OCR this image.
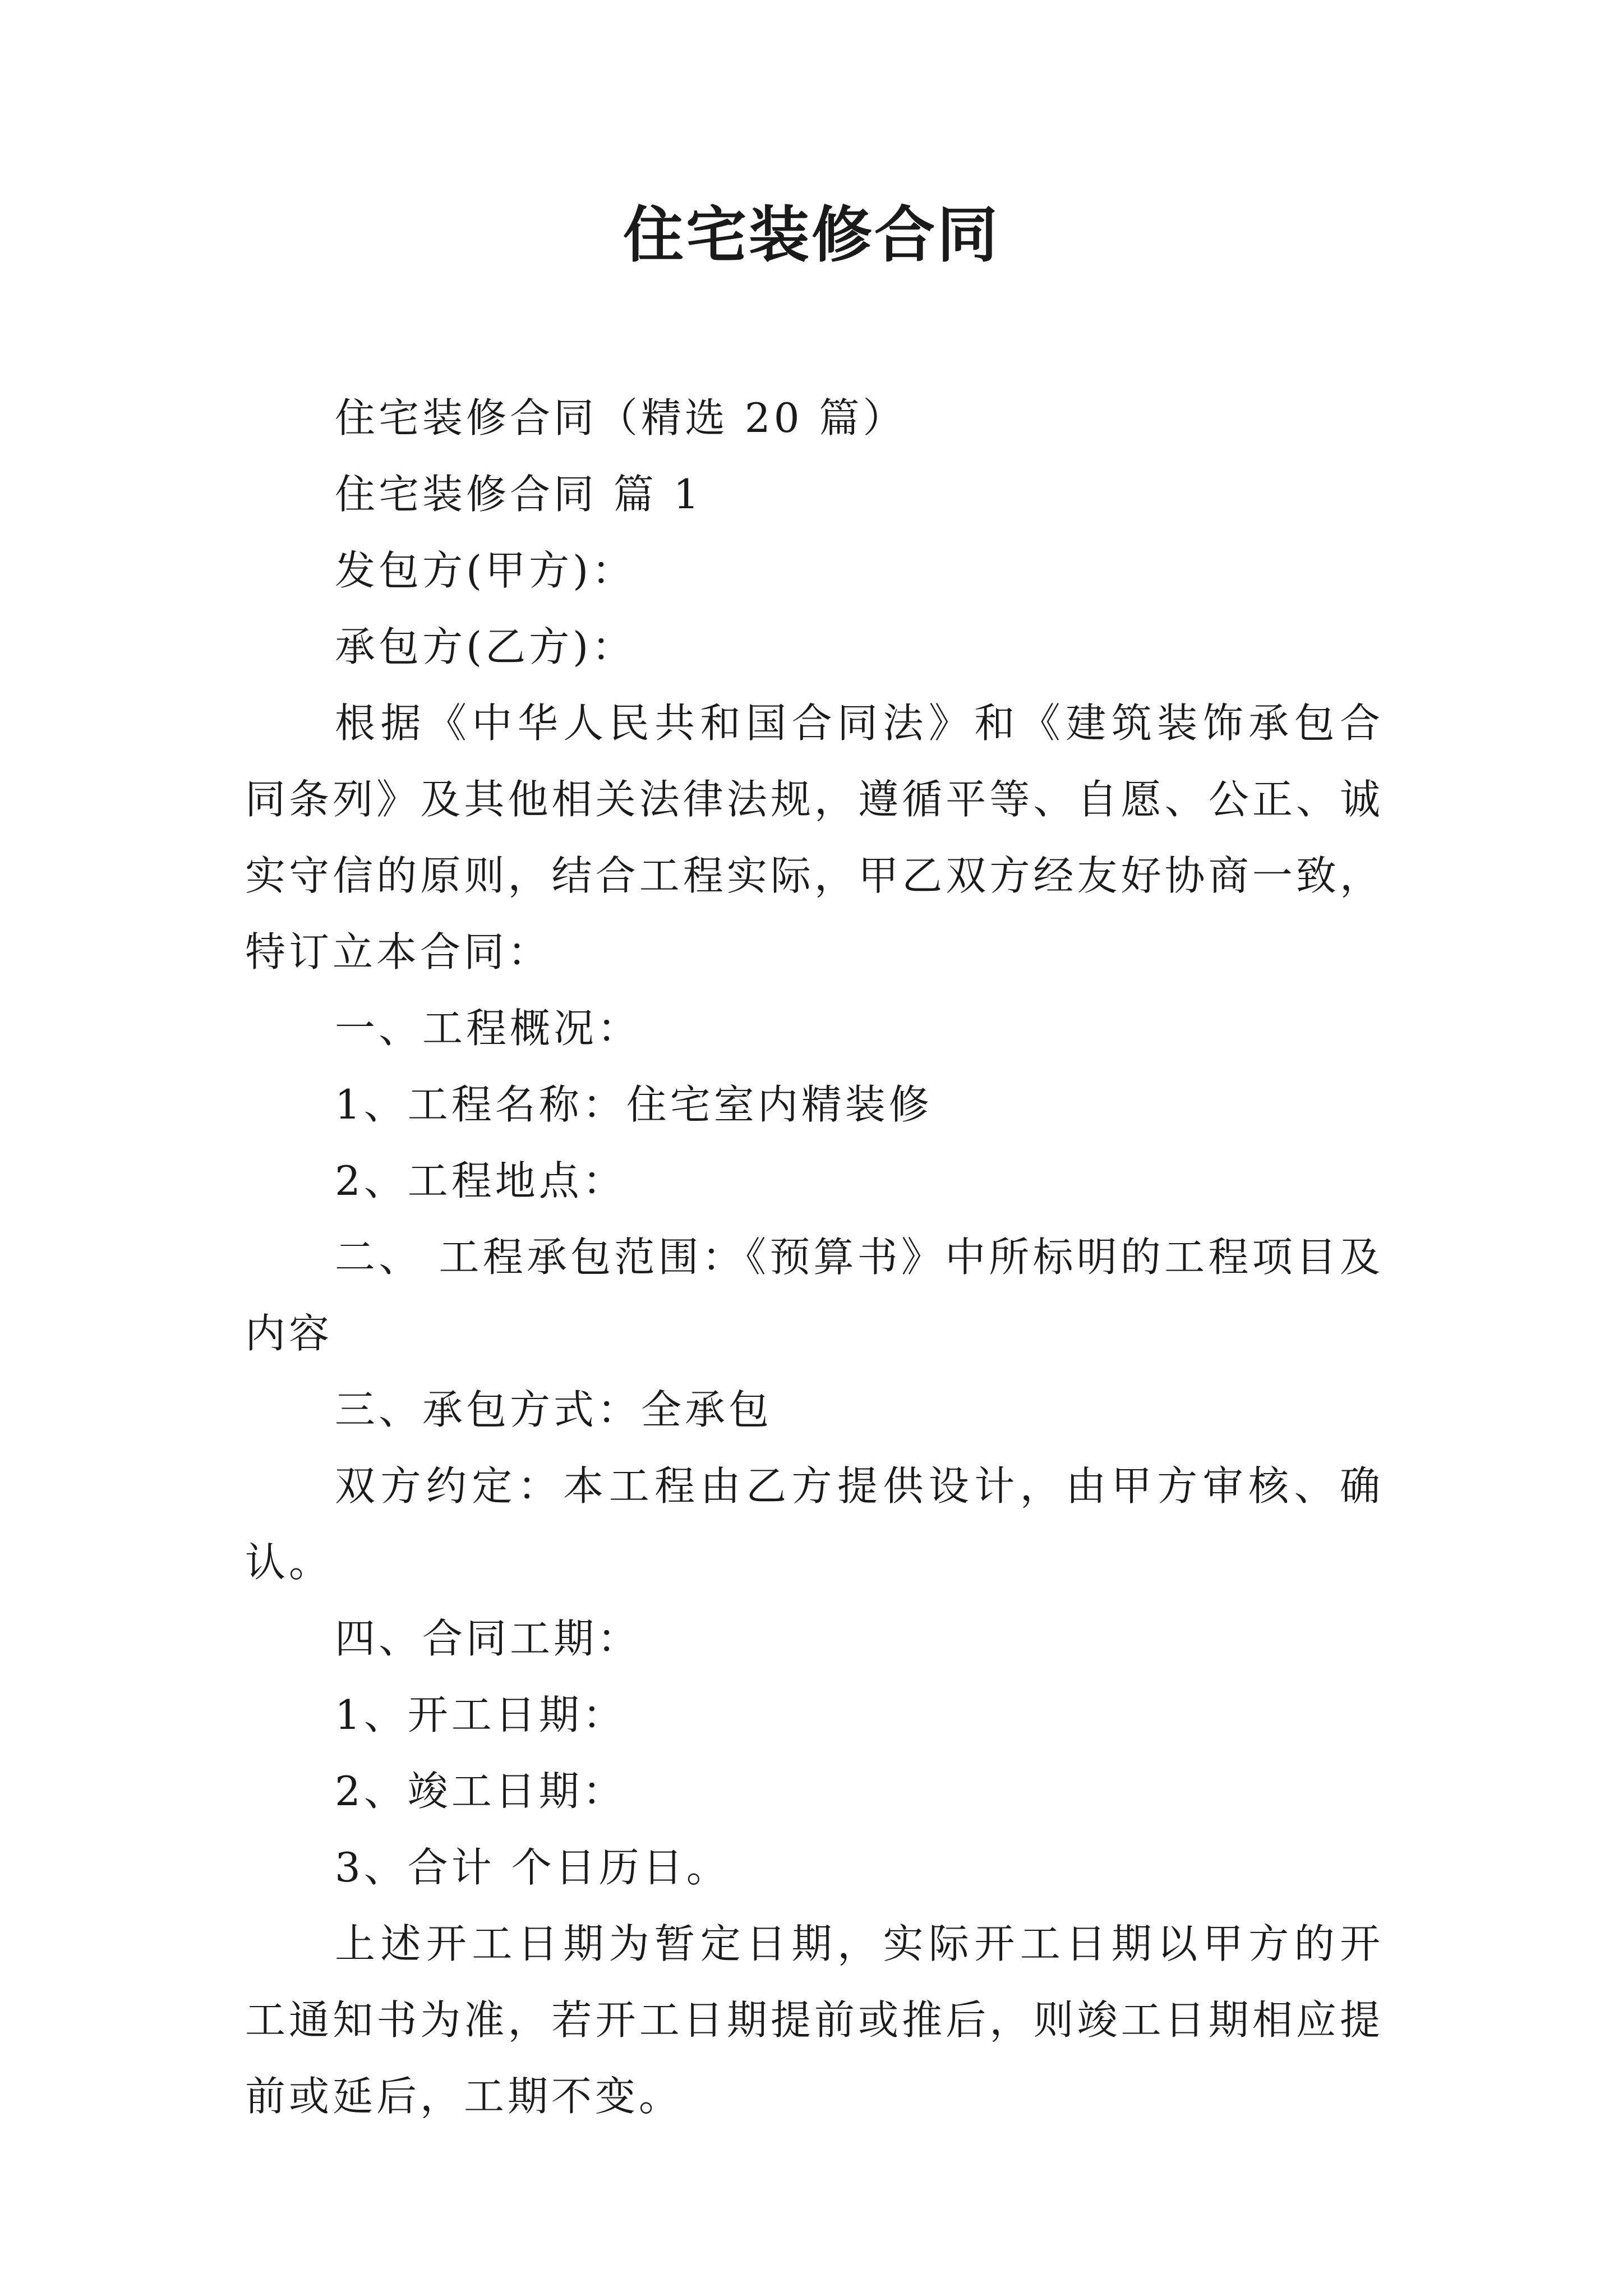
住宅装修合同

住宅装修合同（精选 20 篇）

住宅装修合同 篇 1

发包方(甲方)：

承包方(乙方)：

根据《中华人民共和国合同法》和《建筑装饰承包合同条列》及其他相关法律法规，遵循平等、自愿、公正、诚实守信的原则，结合工程实际，甲乙双方经友好协商一致，特订立本合同：

一、工程概况：

1、工程名称：住宅室内精装修

2、工程地点：

二、 工程承包范围：《预算书》中所标明的工程项目及内容

三、承包方式：全承包

双方约定：本工程由乙方提供设计，由甲方审核、确认。

四、合同工期：

1、开工日期：

2、竣工日期：

3、合计 个日历日。

上述开工日期为暂定日期，实际开工日期以甲方的开工通知书为准，若开工日期提前或推后，则竣工日期相应提前或延后，工期不变。
